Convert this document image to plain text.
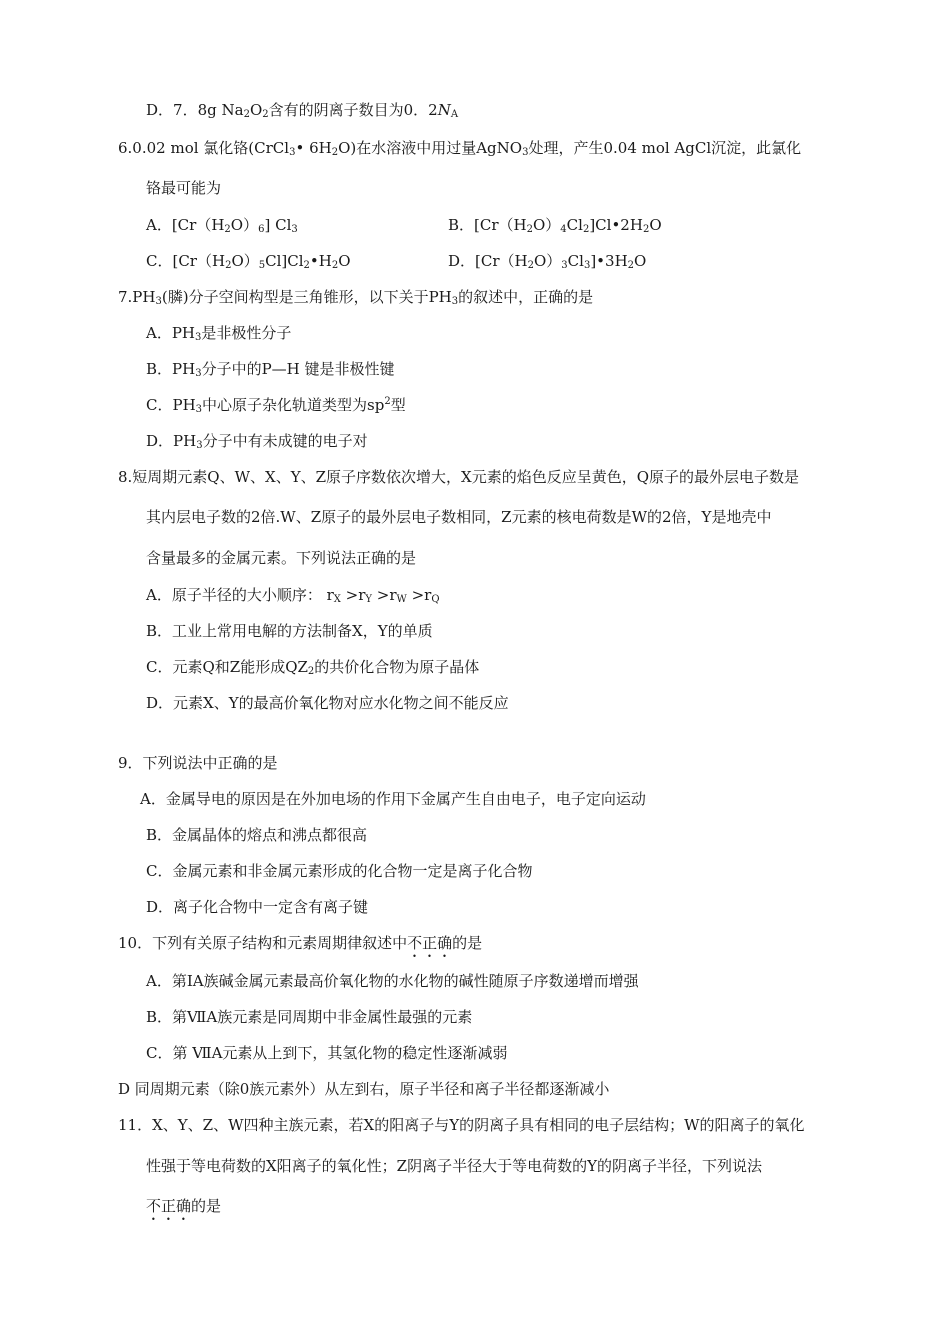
D．7．8g $Na_2O_2$含有的阴离子数目为0．$2N_A$
6.0.02 mol 氯化铬(CrCl$_3$• $6H_2O$)在水溶液中用过量AgNO$_3$处理，产生0.04 mol AgCl沉淀，此氯化
铬最可能为
A．$[Cr(H_2O)_6]$ $Cl_3$	B．$[Cr(H_2O)_4Cl_2]Cl•2H_2O$
C．$[Cr(H_2O)_5Cl]Cl_2•H_2O$	D．$[Cr(H_2O)_3Cl_3]•3H_2O$
$7.PH_3$(膦)分子空间构型是三角锥形，以下关于$PH_3$的叙述中，正确的是
A．$PH_3$是非极性分子
B．$PH_3$分子中的P—H 键是非极性键
C．$PH_3$中心原子杂化轨道类型为$sp^2$型
D．$PH_3$分子中有未成键的电子对
8.短周期元素Q、W、X、Y、Z原子序数依次增大，X元素的焰色反应呈黄色，Q原子的最外层电子数是
其内层电子数的2倍.W、Z原子的最外层电子数相同，Z元素的核电荷数是W的2倍，Y是地壳中
含量最多的金属元素。下列说法正确的是
A．原子半径的大小顺序： $r_X >r_Y >r_W >r_Q$
B．工业上常用电解的方法制备X，Y的单质
C．元素Q和Z能形成$QZ_2$的共价化合物为原子晶体
D．元素X、Y的最高价氧化物对应水化物之间不能反应
9．下列说法中正确的是
A．金属导电的原因是在外加电场的作用下金属产生自由电子，电子定向运动
B．金属晶体的熔点和沸点都很高
C．金属元素和非金属元素形成的化合物一定是离子化合物
D．离子化合物中一定含有离子键
10．下列有关原子结构和元素周期律叙述中不正确的是
A．第IA族碱金属元素最高价氧化物的水化物的碱性随原子序数递增而增强
B．第ⅦA族元素是同周期中非金属性最强的元素
C．第 ⅦA元素从上到下，其氢化物的稳定性逐渐减弱
D 同周期元素（除0族元素外）从左到右，原子半径和离子半径都逐渐减小
11．X、Y、Z、W四种主族元素，若X的阳离子与Y的阴离子具有相同的电子层结构；W的阳离子的氧化
性强于等电荷数的X阳离子的氧化性；Z阴离子半径大于等电荷数的Y的阴离子半径，下列说法
不正确的是
